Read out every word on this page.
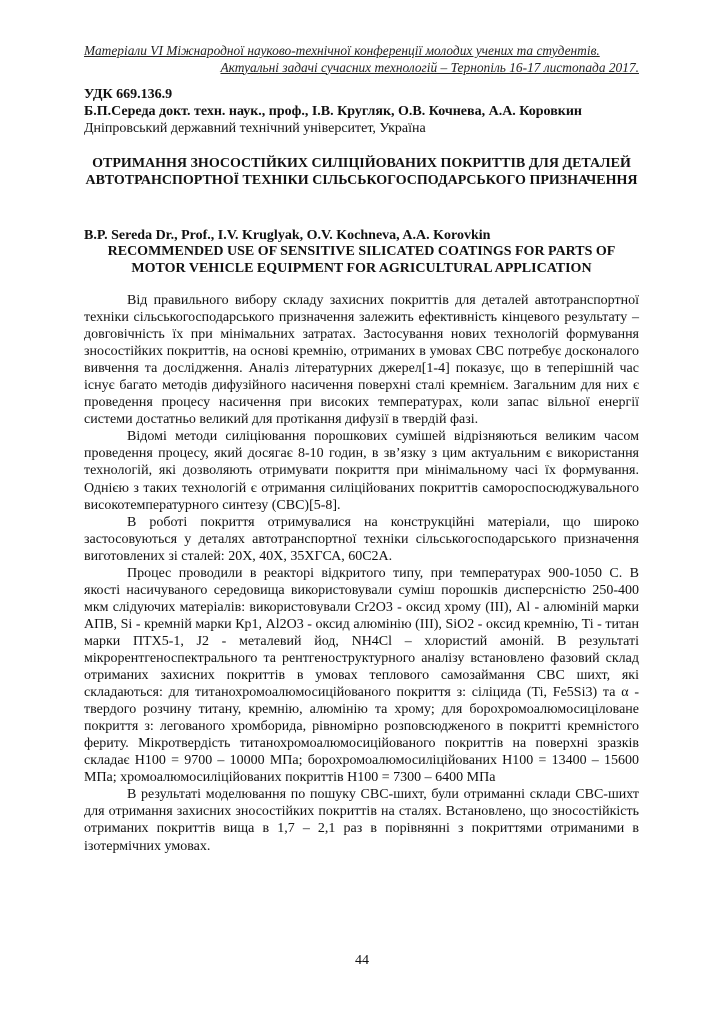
Матеріали VI Міжнародної науково-технічної конференції молодих учених та студентів.
Актуальні задачі сучасних технологій – Тернопіль 16-17 листопада 2017.
УДК 669.136.9
Б.П.Середа докт. техн. наук., проф., І.В. Кругляк, О.В. Кочнева, А.А. Коровкин
Дніпровський державний технічний університет, Україна
ОТРИМАННЯ ЗНОСОСТІЙКИХ СИЛІЦІЙОВАНИХ ПОКРИТТІВ ДЛЯ ДЕТАЛЕЙ АВТОТРАНСПОРТНОЇ ТЕХНІКИ СІЛЬСЬКОГОСПОДАРСЬКОГО ПРИЗНАЧЕННЯ
B.P. Sereda Dr., Prof., I.V. Kruglyak, O.V. Kochneva, A.A. Korovkin
RECOMMENDED USE OF SENSITIVE SILICATED COATINGS FOR PARTS OF MOTOR VEHICLE EQUIPMENT FOR AGRICULTURAL APPLICATION

Від правильного вибору складу захисних покриттів для деталей автотранспортної техніки сільськогосподарського призначення залежить ефективність кінцевого результату – довговічність їх при мінімальних затратах. Застосування нових технологій формування зносостійких покриттів, на основі кремнію, отриманих в умовах СВС потребує досконалого вивчення та дослідження. Аналіз літературних джерел[1-4] показує, що в теперішній час існує багато методів дифузійного насичення поверхні сталі кремнієм. Загальним для них є проведення процесу насичення при високих температурах, коли запас вільної енергії системи достатньо великий для протікання дифузії в твердій фазі.

Відомі методи силіціювання порошкових сумішей відрізняються великим часом проведення процесу, який досягає 8-10 годин, в зв’язку з цим актуальним є використання технологій, які дозволяють отримувати покриття при мінімальному часі їх формування. Однією з таких технологій є отримання силіційованих покриттів самороспосюджувального високотемпературного синтезу (СВС)[5-8].

В роботі покриття отримувалися на конструкційні матеріали, що широко застосовуються у деталях автотранспортної техніки сільськогосподарського призначення виготовлених зі сталей: 20Х, 40Х, 35ХГСА, 60С2А.

Процес проводили в реакторі відкритого типу, при температурах 900-1050 С. В якості насичуваного середовища використовували суміш порошків дисперсністю 250-400 мкм слідуючих матеріалів: використовували Cr2O3 - оксид хрому (III), Al - алюміній марки АПВ, Si - кремній марки Кр1, Al2O3 - оксид алюмінію (III), SiO2 - оксид кремнію, Ti - титан марки ПТХ5-1, J2 - металевий йод, NH4Cl – хлористий амоній. В результаті мікрорентгеноспектрального та рентгеноструктурного аналізу встановлено фазовий склад отриманих захисних покриттів в умовах теплового самозаймання СВС шихт, які складаються: для титанохромоалюмосиційованого покриття з: сіліцида (Ti, Fe5Si3) та α - твердого розчину титану, кремнію, алюмінію та хрому; для борохромоалюмосиціловане покриття з: легованого хромборида, рівномірно розповсюдженого в покритті кремністого фериту. Мікротвердість титанохромоалюмосиційованого покриттів на поверхні зразків складає Н100 = 9700 – 10000 МПа; борохромоалюмосиліційованих Н100 = 13400 – 15600 МПа; хромоалюмосиліційованих покриттів Н100 = 7300 – 6400 МПа

В результаті моделювання по пошуку СВС-шихт, були отриманні склади СВС-шихт для отримання захисних зносостійких покриттів на сталях. Встановлено, що зносостійкість отриманих покриттів вища в 1,7 – 2,1 раз в порівнянні з покриттями отриманими в ізотермічних умовах.

44
